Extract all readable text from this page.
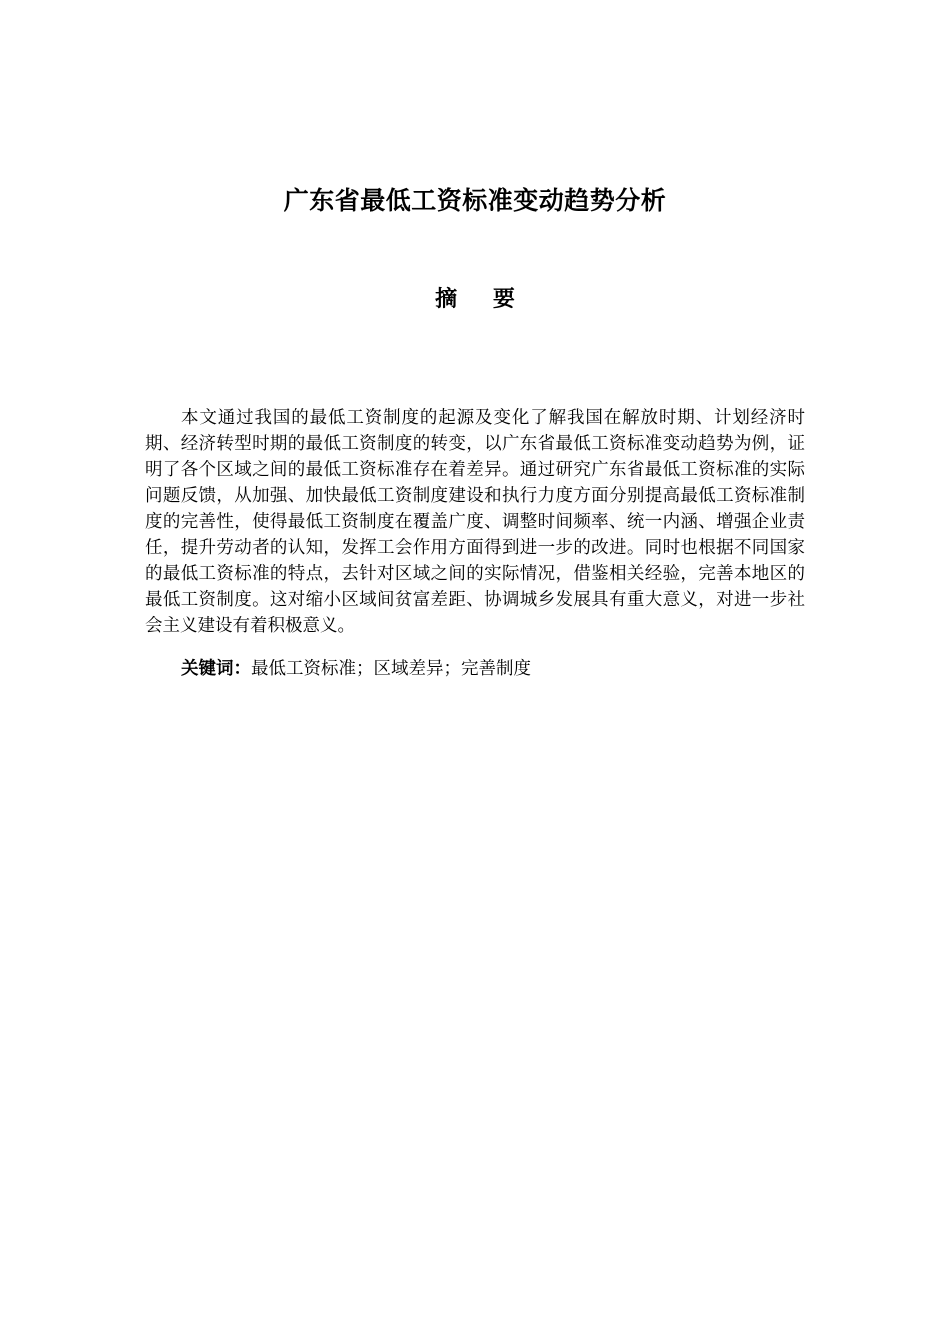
广东省最低工资标准变动趋势分析
摘 要

本文通过我国的最低工资制度的起源及变化了解我国在解放时期、计划经济时期、经济转型时期的最低工资制度的转变，以广东省最低工资标准变动趋势为例，证明了各个区域之间的最低工资标准存在着差异。通过研究广东省最低工资标准的实际问题反馈，从加强、加快最低工资制度建设和执行力度方面分别提高最低工资标准制度的完善性，使得最低工资制度在覆盖广度、调整时间频率、统一内涵、增强企业责任，提升劳动者的认知，发挥工会作用方面得到进一步的改进。同时也根据不同国家的最低工资标准的特点，去针对区域之间的实际情况，借鉴相关经验，完善本地区的最低工资制度。这对缩小区域间贫富差距、协调城乡发展具有重大意义，对进一步社会主义建设有着积极意义。

关键词：最低工资标准；区域差异；完善制度
